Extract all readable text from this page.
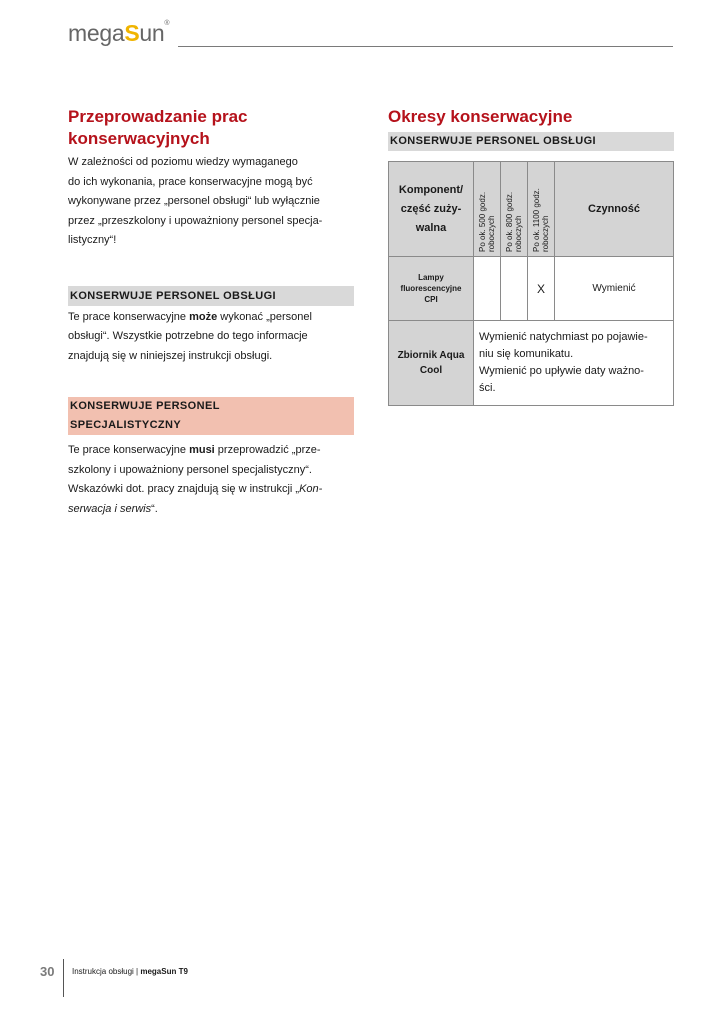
megaSun®
Przeprowadzanie prac
konserwacyjnych
W zależności od poziomu wiedzy wymaganego
do ich wykonania, prace konserwacyjne mogą być
wykonywane przez „personel obsługi“ lub wyłącznie
przez „przeszkolony i upoważniony personel specja-
listyczny“!
KONSERWUJE PERSONEL OBSŁUGI
Te prace konserwacyjne może wykonać „personel
obsługi“. Wszystkie potrzebne do tego informacje
znajdują się w niniejszej instrukcji obsługi.
KONSERWUJE PERSONEL
SPECJALISTYCZNY
Te prace konserwacyjne musi przeprowadzić „prze-
szkolony i upoważniony personel specjalistyczny“.
Wskazówki dot. pracy znajdują się w instrukcji „Kon-
serwacja i serwis“.
Okresy konserwacyjne
KONSERWUJE PERSONEL OBSŁUGI
Komponent/
część zuży-
walna	Po ok. 500 godz.
roboczych	Po ok. 800 godz.
roboczych	Po ok. 1100 godz.
roboczych	Czynność
Lampy
fluorescencyjne
CPI			X	Wymienić
Zbiornik Aqua
Cool	Wymienić natychmiast po pojawie-
niu się komunikatu.
Wymienić po upływie daty ważno-
ści.			
30 Instrukcja obsługi | megaSun T9
